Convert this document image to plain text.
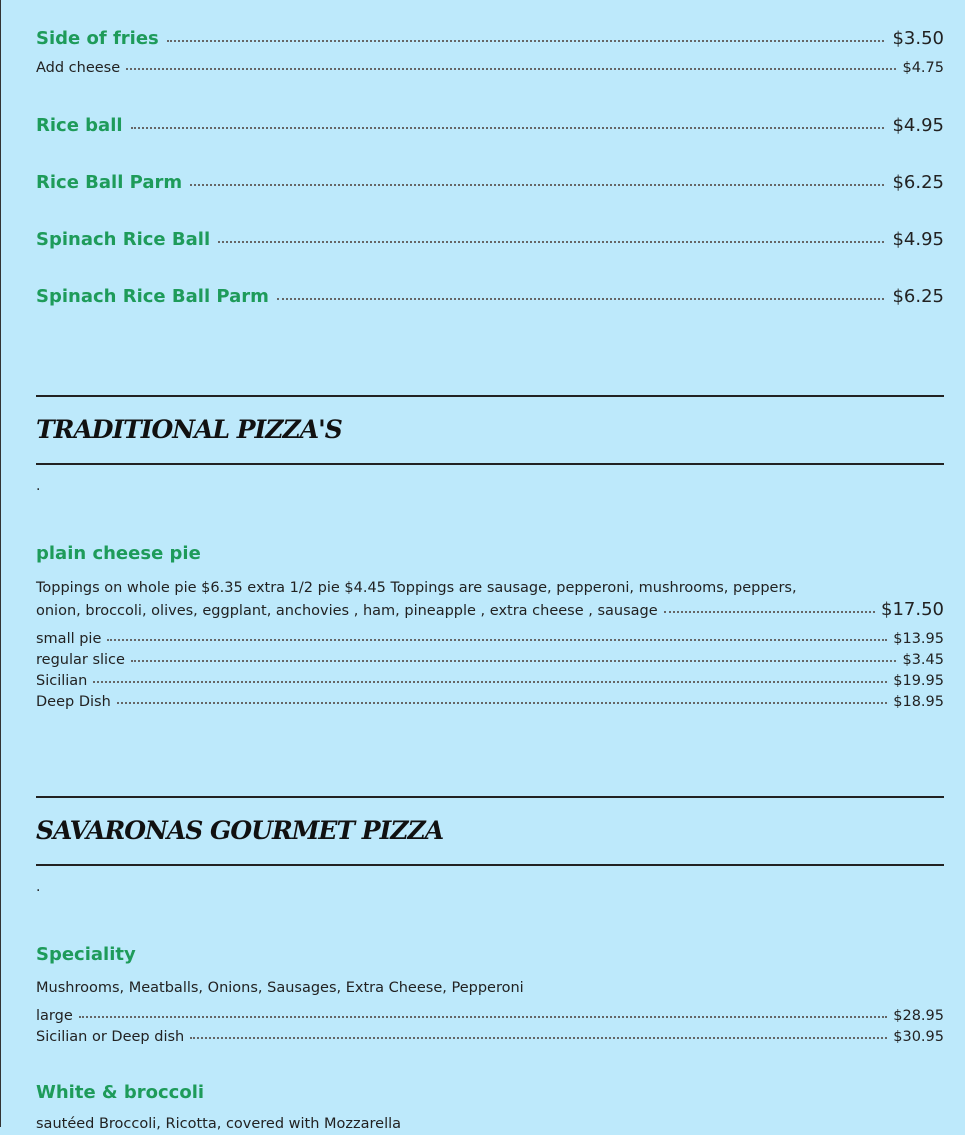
Side of fries	$3.50
Add cheese	$4.75
Rice ball	$4.95
Rice Ball Parm	$6.25
Spinach Rice Ball	$4.95
Spinach Rice Ball Parm	$6.25
TRADITIONAL PIZZA'S
.
plain cheese pie
Toppings on whole pie $6.35 extra 1/2 pie $4.45 Toppings are sausage, pepperoni, mushrooms, peppers,
onion, broccoli, olives, eggplant, anchovies , ham, pineapple , extra cheese , sausage	$17.50
small pie	$13.95
regular slice	$3.45
Sicilian	$19.95
Deep Dish	$18.95
SAVARONAS GOURMET PIZZA
.
Speciality
Mushrooms, Meatballs, Onions, Sausages, Extra Cheese, Pepperoni
large	$28.95
Sicilian or Deep dish	$30.95
White & broccoli
sautéed Broccoli, Ricotta, covered with Mozzarella
